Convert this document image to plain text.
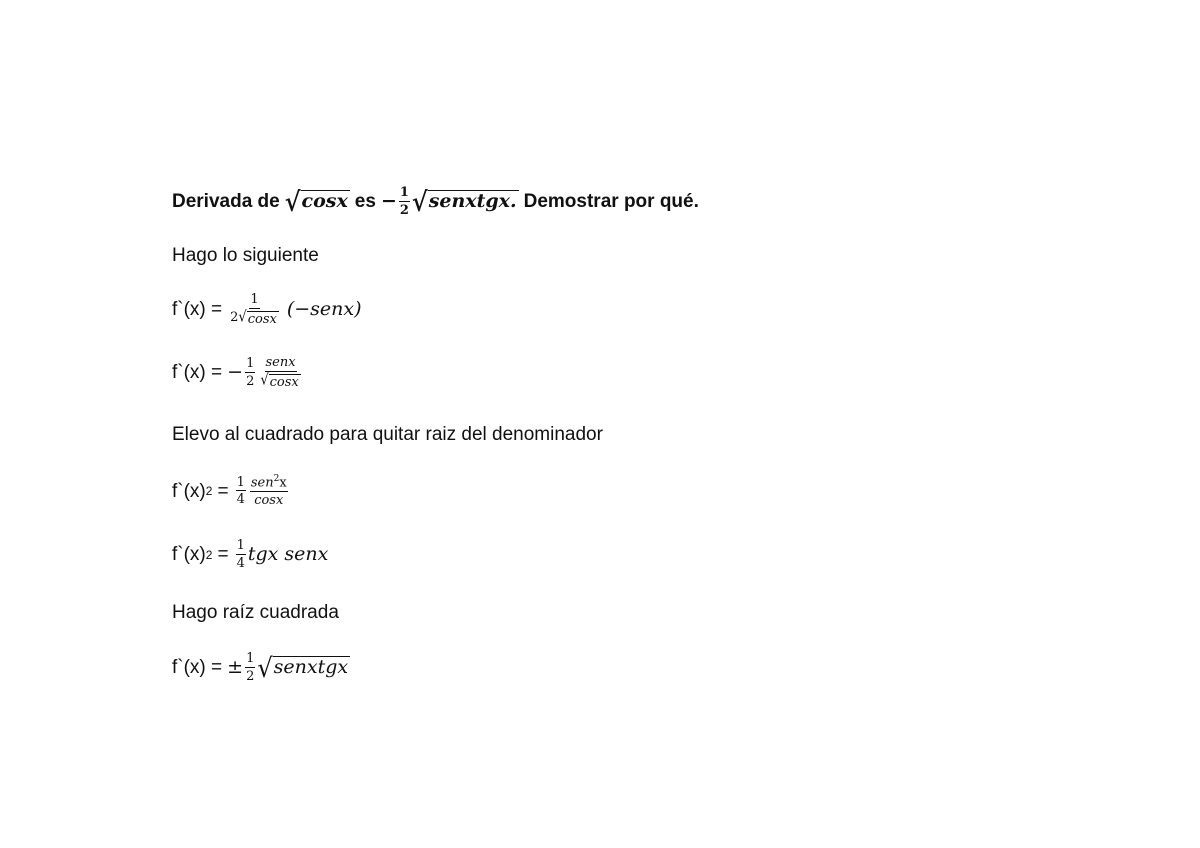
Derivada de √ cosx es − $\frac{1}{2}$ √ senxtgx. Demostrar por qué.
Hago lo siguiente
f`(x) = $\frac{1}{2 √ \cos x}$ (−senx)
f`(x) = − $\frac{1}{2} \frac{\text{senx}}{√ \cos x}$
Elevo al cuadrado para quitar raiz del denominador
f`(x) $2 = \frac{1}{4} \frac{sen^2x}{\cos x}$
f`(x) $2 = \frac{1}{4}$ tgx senx
Hago raíz cuadrada
f`(x) = ± $\frac{1}{2}$ √ senxtgx
